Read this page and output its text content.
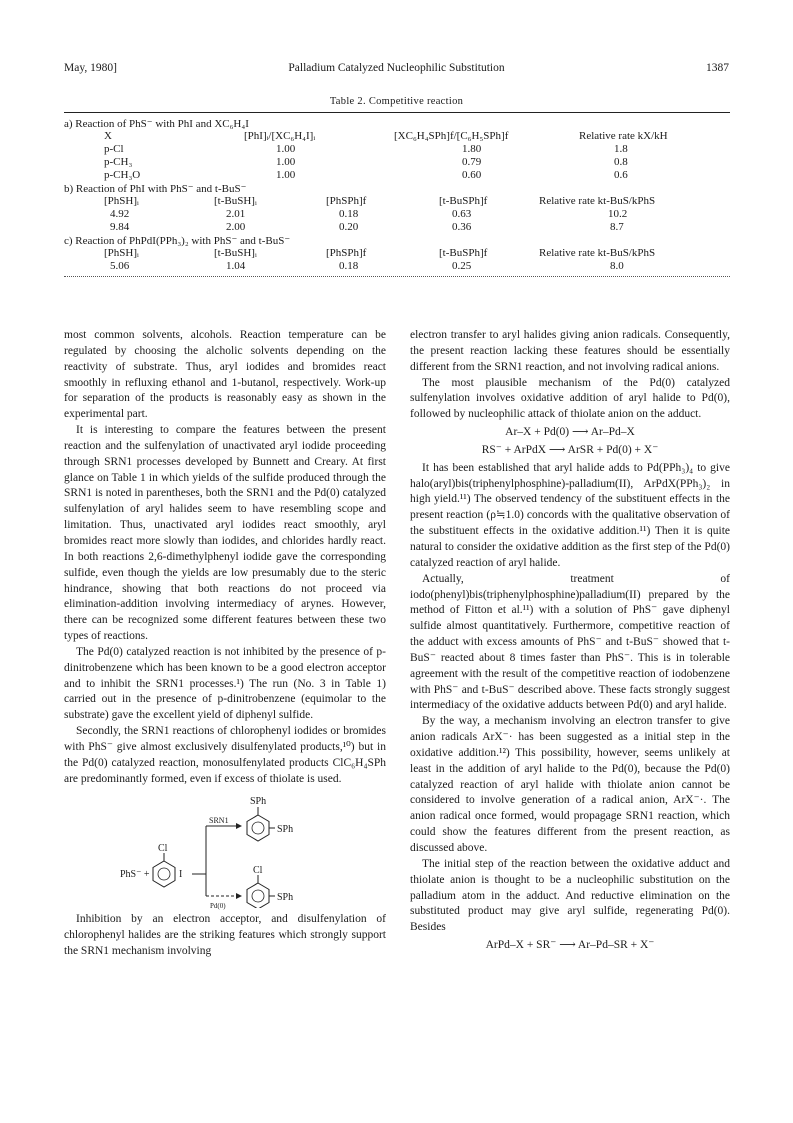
May, 1980]	Palladium Catalyzed Nucleophilic Substitution	1387
Table 2. Competitive reaction
a) Reaction of PhS⁻ with PhI and XC₆H₄I
X	[PhI]ᵢ/[XC₆H₄I]ᵢ	[XC₆H₄SPh]f/[C₆H₅SPh]f	Relative rate kX/kH
p-Cl	1.00	1.80	1.8
p-CH₃	1.00	0.79	0.8
p-CH₃O	1.00	0.60	0.6
b) Reaction of PhI with PhS⁻ and t-BuS⁻
[PhSH]ᵢ	[t-BuSH]ᵢ	[PhSPh]f	[t-BuSPh]f	Relative rate kt-BuS/kPhS
4.92	2.01	0.18	0.63	10.2
9.84	2.00	0.20	0.36	8.7
c) Reaction of PhPdI(PPh₃)₂ with PhS⁻ and t-BuS⁻
[PhSH]ᵢ	[t-BuSH]ᵢ	[PhSPh]f	[t-BuSPh]f	Relative rate kt-BuS/kPhS
5.06	1.04	0.18	0.25	8.0

most common solvents, alcohols. Reaction temperature can be regulated by choosing the alcholic solvents depending on the reactivity of substrate. Thus, aryl iodides and bromides react smoothly in refluxing ethanol and 1-butanol, respectively. Work-up for separation of the products is reasonably easy as shown in the experimental part.

It is interesting to compare the features between the present reaction and the sulfenylation of unactivated aryl iodide proceeding through SRN1 processes developed by Bunnett and Creary. At first glance on Table 1 in which yields of the sulfide produced through the SRN1 is noted in parentheses, both the SRN1 and the Pd(0) catalyzed sulfenylation of aryl halides seem to have resembling scope and limitation. Thus, unactivated aryl iodides react smoothly, aryl bromides react more slowly than iodides, and chlorides hardly react. In both reactions 2,6-dimethylphenyl iodide gave the corresponding sulfide, even though the yields are low presumably due to the steric hindrance, showing that both reactions do not proceed via elimination-addition involving intermediacy of arynes. However, there can be recognized some different features between these two types of reactions.

The Pd(0) catalyzed reaction is not inhibited by the presence of p-dinitrobenzene which has been known to be a good electron acceptor and to inhibit the SRN1 processes.¹) The run (No. 3 in Table 1) carried out in the presence of p-dinitrobenzene (equimolar to the substrate) gave the excellent yield of diphenyl sulfide.

Secondly, the SRN1 reactions of chlorophenyl iodides or bromides with PhS⁻ give almost exclusively disulfenylated products,¹⁰) but in the Pd(0) catalyzed reaction, monosulfenylated products ClC₆H₄SPh are predominantly formed, even if excess of thiolate is used.

PhS⁻ +	I
Cl
SRN1
Pd(0)
SPh
SPh
Cl
SPh

Inhibition by an electron acceptor, and disulfenylation of chlorophenyl halides are the striking features which strongly support the SRN1 mechanism involving

electron transfer to aryl halides giving anion radicals. Consequently, the present reaction lacking these features should be essentially different from the SRN1 reaction, and not involving radical anions.

The most plausible mechanism of the Pd(0) catalyzed sulfenylation involves oxidative addition of aryl halide to Pd(0), followed by nucleophilic attack of thiolate anion on the adduct.

Ar–X + Pd(0) ⟶ Ar–Pd–X
RS⁻ + ArPdX ⟶ ArSR + Pd(0) + X⁻

It has been established that aryl halide adds to Pd(PPh₃)₄ to give halo(aryl)bis(triphenylphosphine)-palladium(II), ArPdX(PPh₃)₂ in high yield.¹¹) The observed tendency of the substituent effects in the present reaction (ρ≒1.0) concords with the qualitative observation of the substituent effects in the oxidative addition.¹¹) Then it is quite natural to consider the oxidative addition as the first step of the Pd(0) catalyzed reaction of aryl halide.

Actually, treatment of iodo(phenyl)bis(triphenylphosphine)palladium(II) prepared by the method of Fitton et al.¹¹) with a solution of PhS⁻ gave diphenyl sulfide almost quantitatively. Furthermore, competitive reaction of the adduct with excess amounts of PhS⁻ and t-BuS⁻ showed that t-BuS⁻ reacted about 8 times faster than PhS⁻. This is in tolerable agreement with the result of the competitive reaction of iodobenzene with PhS⁻ and t-BuS⁻ described above. These facts strongly suggest intermediacy of the oxidative adducts between Pd(0) and aryl halide.

By the way, a mechanism involving an electron transfer to give anion radicals ArX⁻· has been suggested as a initial step in the oxidative addition.¹²) This possibility, however, seems unlikely at least in the addition of aryl halide to the Pd(0), because the Pd(0) catalyzed reaction of aryl halide with thiolate anion cannot be considered to involve generation of a radical anion, ArX⁻·. The anion radical once formed, would propagage SRN1 reaction, which could show the features different from the present reaction, as discussed above.

The initial step of the reaction between the oxidative adduct and thiolate anion is thought to be a nucleophilic substitution on the palladium atom in the adduct. And reductive elimination on the substituted product may give aryl sulfide, regenerating Pd(0). Besides

ArPd–X + SR⁻ ⟶ Ar–Pd–SR + X⁻
